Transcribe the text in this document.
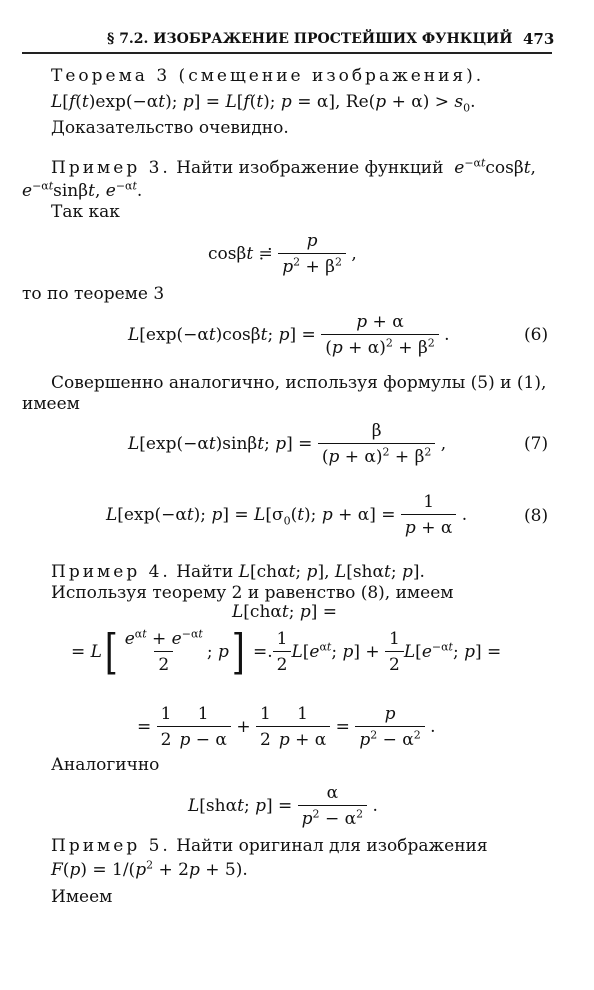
§ 7.2. ИЗОБРАЖЕНИЕ ПРОСТЕЙШИХ ФУНКЦИЙ 473
Теорема 3 (смещение изображения).
L[f(t)exp(−αt); p] = L[f(t); p = α], $Re(p + \alpha) > s_0$.
Доказательство очевидно.
Пример 3. Найти изображение функций $e^{-\alpha t}\cos\beta t$,
$e^{-\alpha t}\sin\beta t$, $e^{-\alpha t}$.
Так как
cosβt ≓ $\frac{p}{p^2 + \beta^2}$ ,
то по теореме 3
L[exp(−αt)cosβt; $p] = \frac{p + \alpha}{(p + \alpha)^2 + \beta^2}$ .	(6)
Совершенно аналогично, используя формулы (5) и (1),
имеем
L[exp(−αt)sinβt; $p] = \frac{\beta}{(p + \alpha)^2 + \beta^2}$ ,	(7)
L[exp(−αt); $p] = L[\sigma_0(t)$; $p + \alpha] = \frac{1}{p + \alpha}$ .	(8)
Пример 4. Найти L[chαt; p], L[shαt; p].
Используя теорему 2 и равенство (8), имеем
L[chαt; p] =
= L [ $\frac{e^{\alpha t} + e^{-\alpha t}}{2}$ ; p ] =. $\frac{1}{2} L[e^{\alpha t}$; $p] + \frac{1}{2} L[e^{-\alpha t}$; p] =
= $\frac{1}{2} \frac{1}{p - \alpha} + \frac{1}{2} \frac{1}{p + \alpha} = \frac{p}{p^2 - \alpha^2}$ .
Аналогично
L[shαt; $p] = \frac{\alpha}{p^2 - \alpha^2}$ .
Пример 5. Найти оригинал для изображения
$F(p) = 1/(p^2 + 2p + 5)$.
Имеем
